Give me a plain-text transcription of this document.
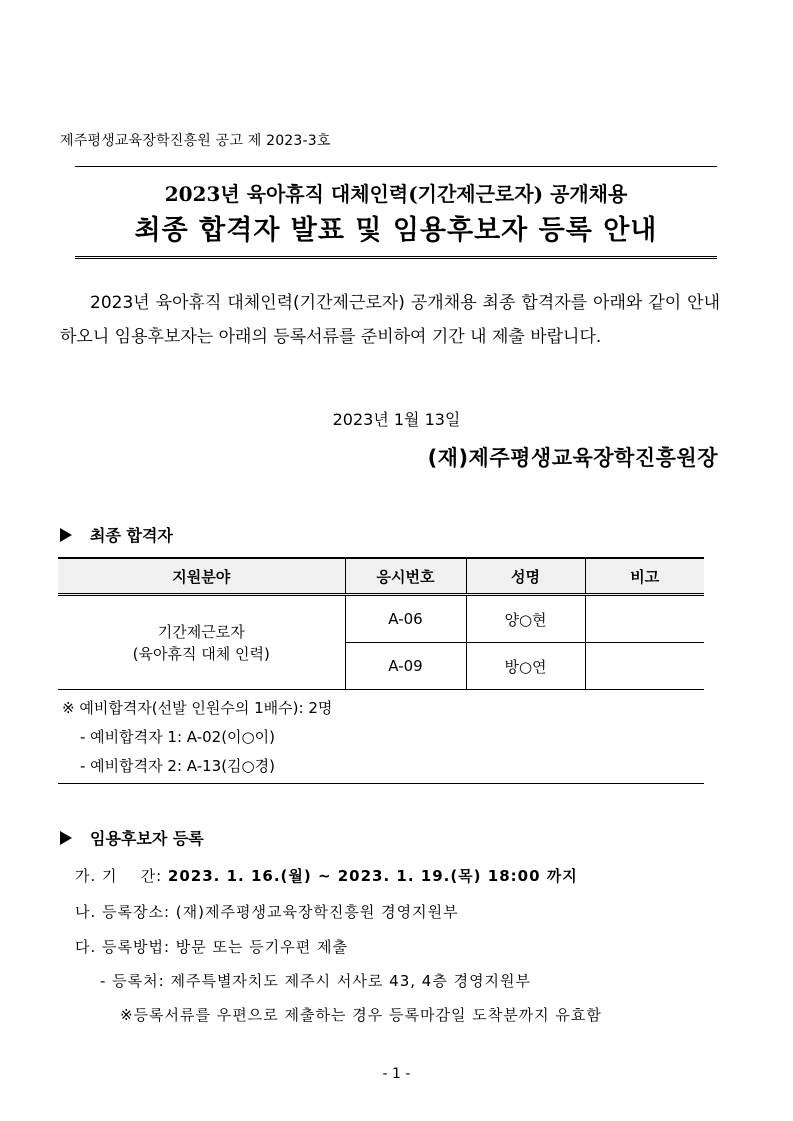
제주평생교육장학진흥원 공고 제 2023-3호
2023년 육아휴직 대체인력(기간제근로자) 공개채용
최종 합격자 발표 및 임용후보자 등록 안내
2023년 육아휴직 대체인력(기간제근로자) 공개채용 최종 합격자를 아래와 같이 안내하오니 임용후보자는 아래의 등록서류를 준비하여 기간 내 제출 바랍니다.
2023년 1월 13일
(재)제주평생교육장학진흥원장
최종 합격자
지원분야	응시번호	성명	비고

기간제근로자
(육아휴직 대체 인력)	A-06	양○현	
	A-09	방○연	
※ 예비합격자(선발 인원수의 1배수): 2명
- 예비합격자 1: A-02(이○이)
- 예비합격자 2: A-13(김○경)
임용후보자 등록
가. 기    간: 2023. 1. 16.(월) ~ 2023. 1. 19.(목) 18:00 까지
나. 등록장소: (재)제주평생교육장학진흥원 경영지원부
다. 등록방법: 방문 또는 등기우편 제출
- 등록처: 제주특별자치도 제주시 서사로 43, 4층 경영지원부
※등록서류를 우편으로 제출하는 경우 등록마감일 도착분까지 유효함
- 1 -
